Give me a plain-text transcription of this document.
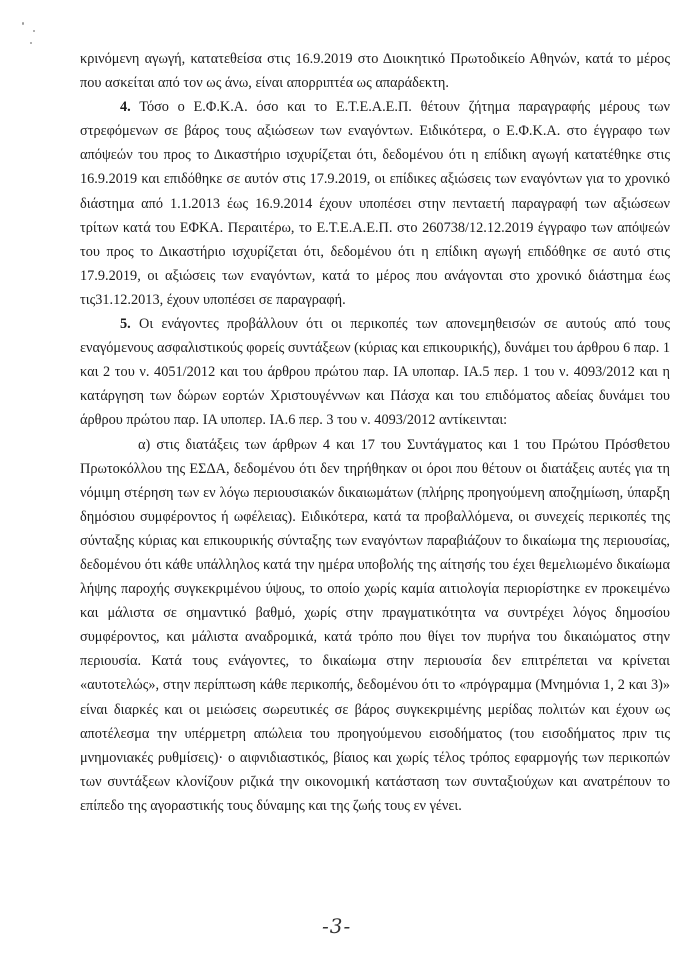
κρινόμενη αγωγή, κατατεθείσα στις 16.9.2019 στο Διοικητικό Πρωτοδικείο Αθηνών, κατά το μέρος
που ασκείται από τον ως άνω, είναι απορριπτέα ως απαράδεκτη.
4. Τόσο ο Ε.Φ.Κ.Α. όσο και το Ε.Τ.Ε.Α.Ε.Π. θέτουν ζήτημα παραγραφής μέρους των
στρεφόμενων σε βάρος τους αξιώσεων των εναγόντων. Ειδικότερα, ο Ε.Φ.Κ.Α. στο έγγραφο των
απόψεών του προς το Δικαστήριο ισχυρίζεται ότι, δεδομένου ότι η επίδικη αγωγή κατατέθηκε στις
16.9.2019 και επιδόθηκε σε αυτόν στις 17.9.2019, οι επίδικες αξιώσεις των εναγόντων για το χρονικό
διάστημα από 1.1.2013 έως 16.9.2014 έχουν υποπέσει στην πενταετή παραγραφή των αξιώσεων
τρίτων κατά του ΕΦΚΑ. Περαιτέρω, το Ε.Τ.Ε.Α.Ε.Π. στο 260738/12.12.2019 έγγραφο των απόψεών
του προς το Δικαστήριο ισχυρίζεται ότι, δεδομένου ότι η επίδικη αγωγή επιδόθηκε σε αυτό στις
17.9.2019, οι αξιώσεις των εναγόντων, κατά το μέρος που ανάγονται στο χρονικό διάστημα έως
τις31.12.2013, έχουν υποπέσει σε παραγραφή.
5. Οι ενάγοντες προβάλλουν ότι οι περικοπές των απονεμηθεισών σε αυτούς από τους
εναγόμενους ασφαλιστικούς φορείς συντάξεων (κύριας και επικουρικής), δυνάμει του άρθρου 6 παρ. 1
και 2 του ν. 4051/2012 και του άρθρου πρώτου παρ. ΙΑ υποπαρ. ΙΑ.5 περ. 1 του ν. 4093/2012 και η
κατάργηση των δώρων εορτών Χριστουγέννων και Πάσχα και του επιδόματος αδείας δυνάμει του
άρθρου πρώτου παρ. ΙΑ υποπερ. ΙΑ.6 περ. 3 του ν. 4093/2012 αντίκεινται:
α) στις διατάξεις των άρθρων 4 και 17 του Συντάγματος και 1 του Πρώτου Πρόσθετου
Πρωτοκόλλου της ΕΣΔΑ, δεδομένου ότι δεν τηρήθηκαν οι όροι που θέτουν οι διατάξεις αυτές για τη
νόμιμη στέρηση των εν λόγω περιουσιακών δικαιωμάτων (πλήρης προηγούμενη αποζημίωση, ύπαρξη
δημόσιου συμφέροντος ή ωφέλειας). Ειδικότερα, κατά τα προβαλλόμενα, οι συνεχείς περικοπές της
σύνταξης κύριας και επικουρικής σύνταξης των εναγόντων παραβιάζουν το δικαίωμα της περιουσίας,
δεδομένου ότι κάθε υπάλληλος κατά την ημέρα υποβολής της αίτησής του έχει θεμελιωμένο δικαίωμα
λήψης παροχής συγκεκριμένου ύψους, το οποίο χωρίς καμία αιτιολογία περιορίστηκε εν προκειμένω
και μάλιστα σε σημαντικό βαθμό, χωρίς στην πραγματικότητα να συντρέχει λόγος δημοσίου
συμφέροντος, και μάλιστα αναδρομικά, κατά τρόπο που θίγει τον πυρήνα του δικαιώματος στην
περιουσία. Κατά τους ενάγοντες, το δικαίωμα στην περιουσία δεν επιτρέπεται να κρίνεται
«αυτοτελώς», στην περίπτωση κάθε περικοπής, δεδομένου ότι το «πρόγραμμα (Μνημόνια 1, 2 και 3)»
είναι διαρκές και οι μειώσεις σωρευτικές σε βάρος συγκεκριμένης μερίδας πολιτών και έχουν ως
αποτέλεσμα την υπέρμετρη απώλεια του προηγούμενου εισοδήματος (του εισοδήματος πριν τις
μνημονιακές ρυθμίσεις)· ο αιφνιδιαστικός, βίαιος και χωρίς τέλος τρόπος εφαρμογής των περικοπών
των συντάξεων κλονίζουν ριζικά την οικονομική κατάσταση των συνταξιούχων και ανατρέπουν το
επίπεδο της αγοραστικής τους δύναμης και της ζωής τους εν γένει.
-3-
